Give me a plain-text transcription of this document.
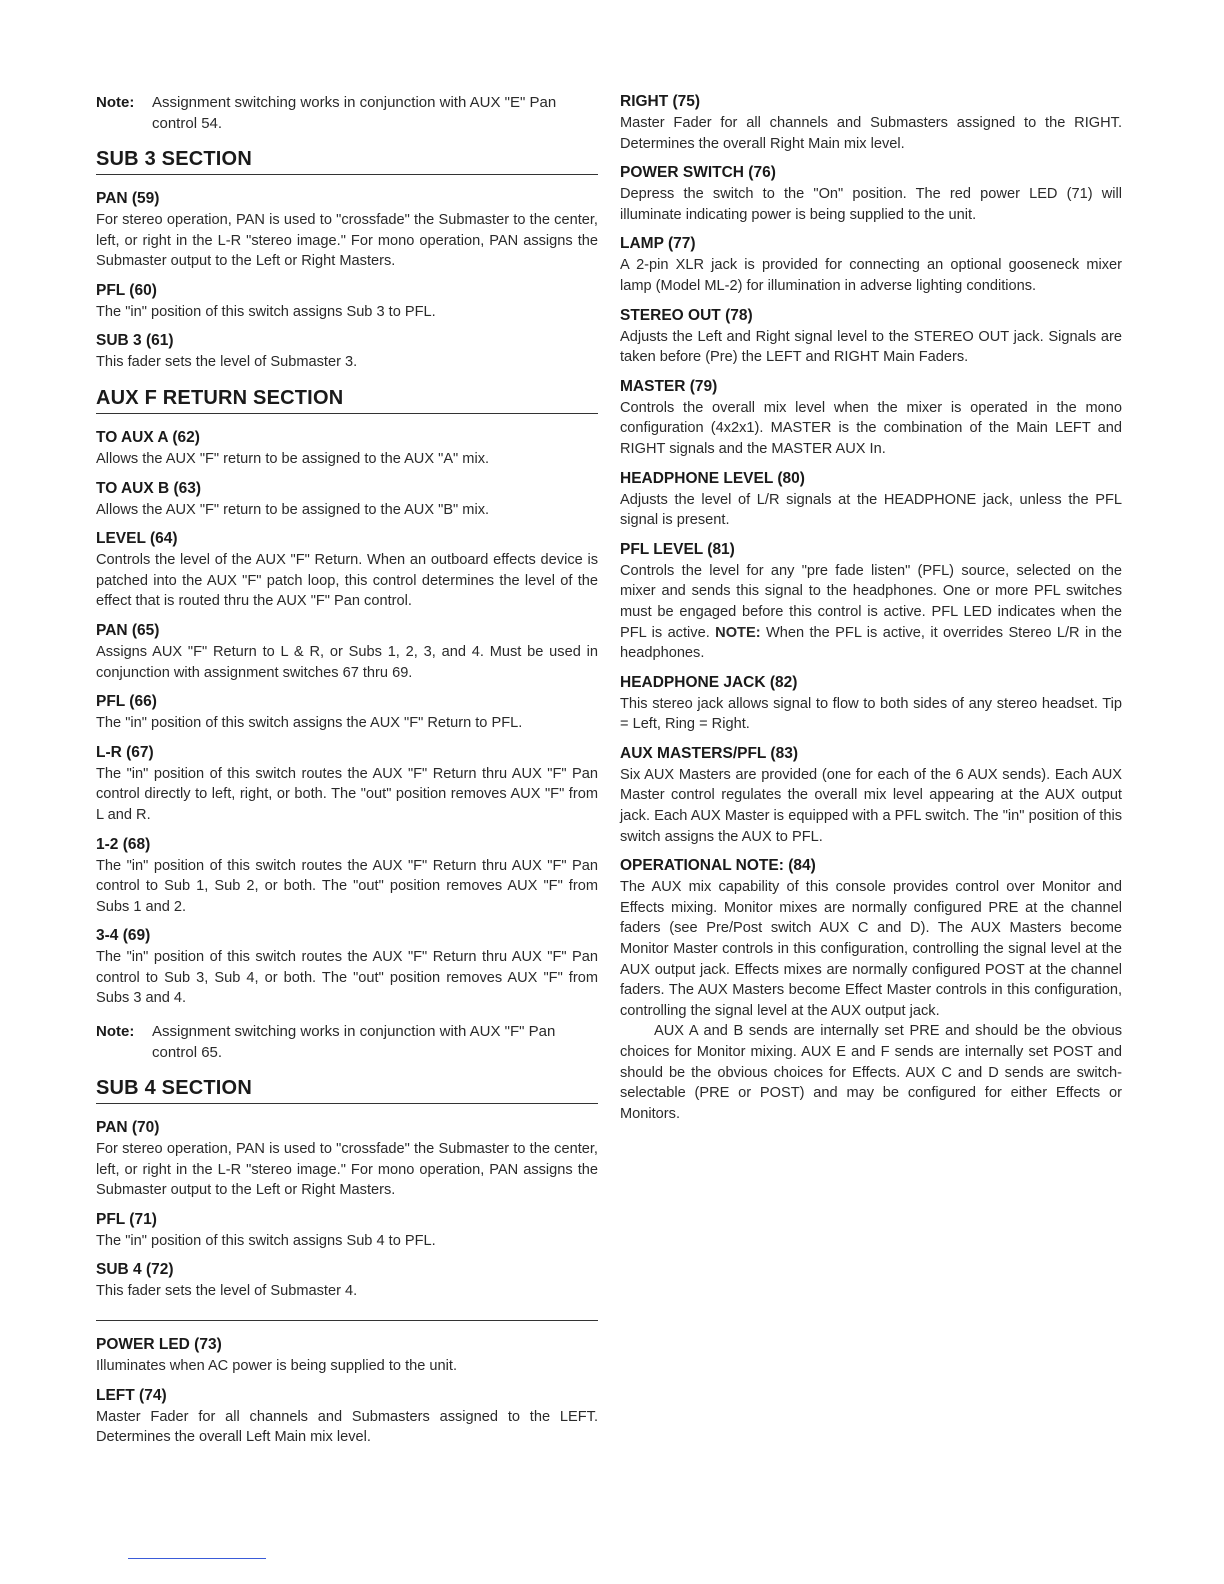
Note:	Assignment switching works in conjunction with AUX "E" Pan control 54.
SUB 3 SECTION
PAN (59)
For stereo operation, PAN is used to "crossfade" the Submaster to the center, left, or right in the L-R "stereo image." For mono operation, PAN assigns the Submaster output to the Left or Right Masters.
PFL (60)
The "in" position of this switch assigns Sub 3 to PFL.
SUB 3 (61)
This fader sets the level of Submaster 3.
AUX F RETURN SECTION
TO AUX A (62)
Allows the AUX "F" return to be assigned to the AUX "A" mix.
TO AUX B (63)
Allows the AUX "F" return to be assigned to the AUX "B" mix.
LEVEL (64)
Controls the level of the AUX "F" Return. When an outboard effects device is patched into the AUX "F" patch loop, this control determines the level of the effect that is routed thru the AUX "F" Pan control.
PAN (65)
Assigns AUX "F" Return to L & R, or Subs 1, 2, 3, and 4. Must be used in conjunction with assignment switches 67 thru 69.
PFL (66)
The "in" position of this switch assigns the AUX "F" Return to PFL.
L-R (67)
The "in" position of this switch routes the AUX "F" Return thru AUX "F" Pan control directly to left, right, or both. The "out" position removes AUX "F" from L and R.
1-2 (68)
The "in" position of this switch routes the AUX "F" Return thru AUX "F" Pan control to Sub 1, Sub 2, or both. The "out" position removes AUX "F" from Subs 1 and 2.
3-4 (69)
The "in" position of this switch routes the AUX "F" Return thru AUX "F" Pan control to Sub 3, Sub 4, or both. The "out" position removes AUX "F" from Subs 3 and 4.
Note:	Assignment switching works in conjunction with AUX "F" Pan control 65.
SUB 4 SECTION
PAN (70)
For stereo operation, PAN is used to "crossfade" the Submaster to the center, left, or right in the L-R "stereo image." For mono operation, PAN assigns the Submaster output to the Left or Right Masters.
PFL (71)
The "in" position of this switch assigns Sub 4 to PFL.
SUB 4 (72)
This fader sets the level of Submaster 4.
POWER LED (73)
Illuminates when AC power is being supplied to the unit.
LEFT (74)
Master Fader for all channels and Submasters assigned to the LEFT. Determines the overall Left Main mix level.
RIGHT (75)
Master Fader for all channels and Submasters assigned to the RIGHT. Determines the overall Right Main mix level.
POWER SWITCH (76)
Depress the switch to the "On" position. The red power LED (71) will illuminate indicating power is being supplied to the unit.
LAMP (77)
A 2-pin XLR jack is provided for connecting an optional gooseneck mixer lamp (Model ML-2) for illumination in adverse lighting conditions.
STEREO OUT (78)
Adjusts the Left and Right signal level to the STEREO OUT jack. Signals are taken before (Pre) the LEFT and RIGHT Main Faders.
MASTER (79)
Controls the overall mix level when the mixer is operated in the mono configuration (4x2x1). MASTER is the combination of the Main LEFT and RIGHT signals and the MASTER AUX In.
HEADPHONE LEVEL (80)
Adjusts the level of L/R signals at the HEADPHONE jack, unless the PFL signal is present.
PFL LEVEL (81)
Controls the level for any "pre fade listen" (PFL) source, selected on the mixer and sends this signal to the headphones. One or more PFL switches must be engaged before this control is active. PFL LED indicates when the PFL is active. NOTE: When the PFL is active, it overrides Stereo L/R in the headphones.
HEADPHONE JACK (82)
This stereo jack allows signal to flow to both sides of any stereo headset. Tip = Left, Ring = Right.
AUX MASTERS/PFL (83)
Six AUX Masters are provided (one for each of the 6 AUX sends). Each AUX Master control regulates the overall mix level appearing at the AUX output jack. Each AUX Master is equipped with a PFL switch. The "in" position of this switch assigns the AUX to PFL.
OPERATIONAL NOTE: (84)
The AUX mix capability of this console provides control over Monitor and Effects mixing. Monitor mixes are normally configured PRE at the channel faders (see Pre/Post switch AUX C and D). The AUX Masters become Monitor Master controls in this configuration, controlling the signal level at the AUX output jack. Effects mixes are normally configured POST at the channel faders. The AUX Masters become Effect Master controls in this configuration, controlling the signal level at the AUX output jack.
AUX A and B sends are internally set PRE and should be the obvious choices for Monitor mixing. AUX E and F sends are internally set POST and should be the obvious choices for Effects. AUX C and D sends are switch-selectable (PRE or POST) and may be configured for either Effects or Monitors.
